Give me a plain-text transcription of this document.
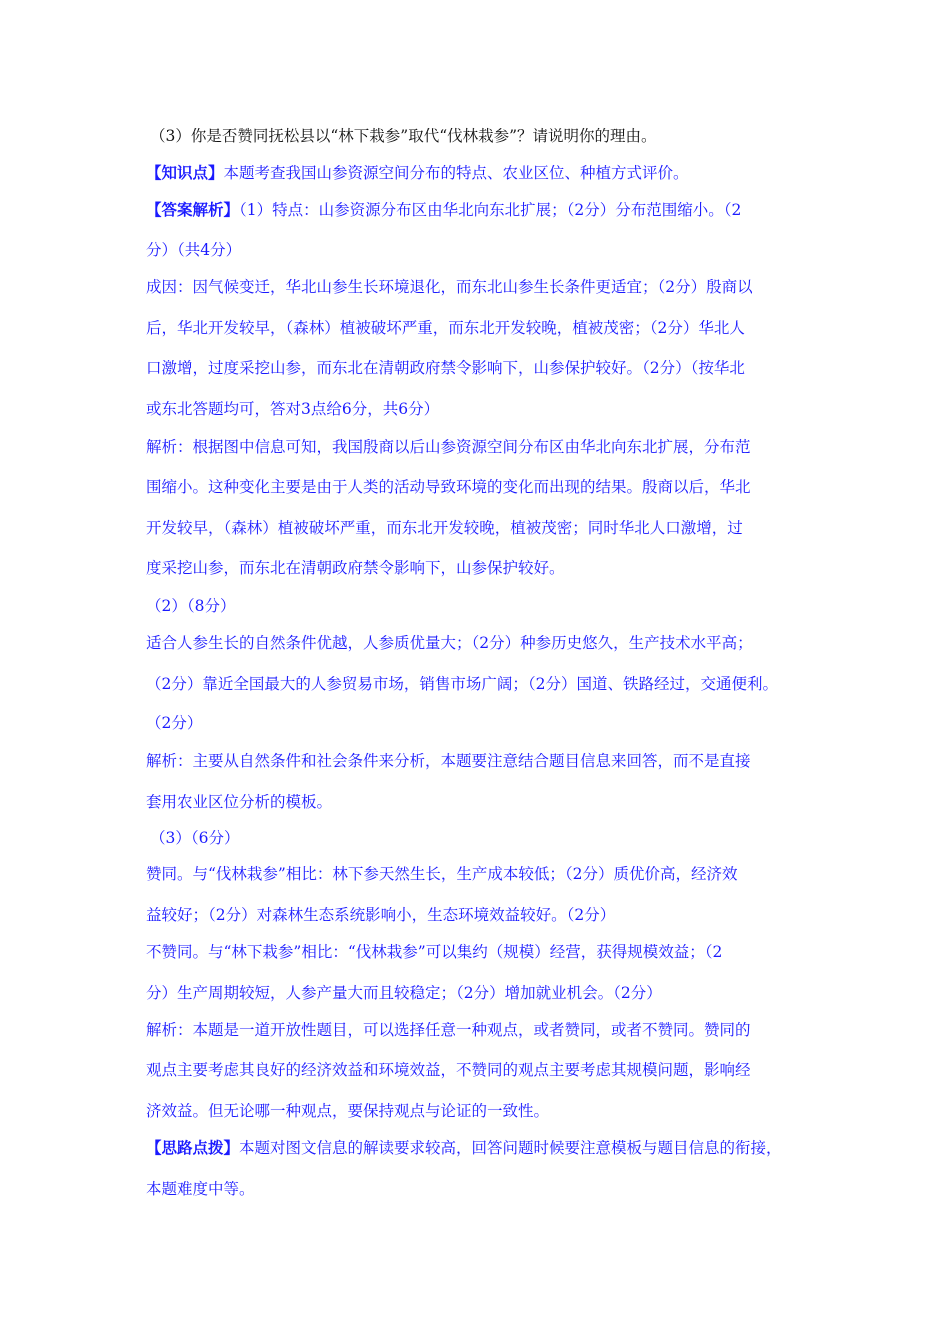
（3）你是否赞同抚松县以“林下栽参”取代“伐林栽参”？请说明你的理由。
【知识点】本题考查我国山参资源空间分布的特点、农业区位、种植方式评价。
【答案解析】（1）特点：山参资源分布区由华北向东北扩展；（2分）分布范围缩小。（2
分）（共4分）
成因：因气候变迁，华北山参生长环境退化，而东北山参生长条件更适宜；（2分）殷商以
后，华北开发较早，（森林）植被破坏严重，而东北开发较晚，植被茂密；（2分）华北人
口激增，过度采挖山参，而东北在清朝政府禁令影响下，山参保护较好。（2分）（按华北
或东北答题均可，答对3点给6分，共6分）
解析：根据图中信息可知，我国殷商以后山参资源空间分布区由华北向东北扩展，分布范
围缩小。这种变化主要是由于人类的活动导致环境的变化而出现的结果。殷商以后，华北
开发较早，（森林）植被破坏严重，而东北开发较晚，植被茂密；同时华北人口激增，过
度采挖山参，而东北在清朝政府禁令影响下，山参保护较好。
（2）（8分）
适合人参生长的自然条件优越，人参质优量大；（2分）种参历史悠久，生产技术水平高；
（2分）靠近全国最大的人参贸易市场，销售市场广阔；（2分）国道、铁路经过，交通便利。
（2分）
解析：主要从自然条件和社会条件来分析，本题要注意结合题目信息来回答，而不是直接
套用农业区位分析的模板。
（3）（6分）
赞同。与“伐林栽参”相比：林下参天然生长，生产成本较低；（2分）质优价高，经济效
益较好；（2分）对森林生态系统影响小，生态环境效益较好。（2分）
不赞同。与“林下栽参”相比：“伐林栽参”可以集约（规模）经营，获得规模效益；（2
分）生产周期较短，人参产量大而且较稳定；（2分）增加就业机会。（2分）
解析：本题是一道开放性题目，可以选择任意一种观点，或者赞同，或者不赞同。赞同的
观点主要考虑其良好的经济效益和环境效益，不赞同的观点主要考虑其规模问题，影响经
济效益。但无论哪一种观点，要保持观点与论证的一致性。
【思路点拨】本题对图文信息的解读要求较高，回答问题时候要注意模板与题目信息的衔接，
本题难度中等。
